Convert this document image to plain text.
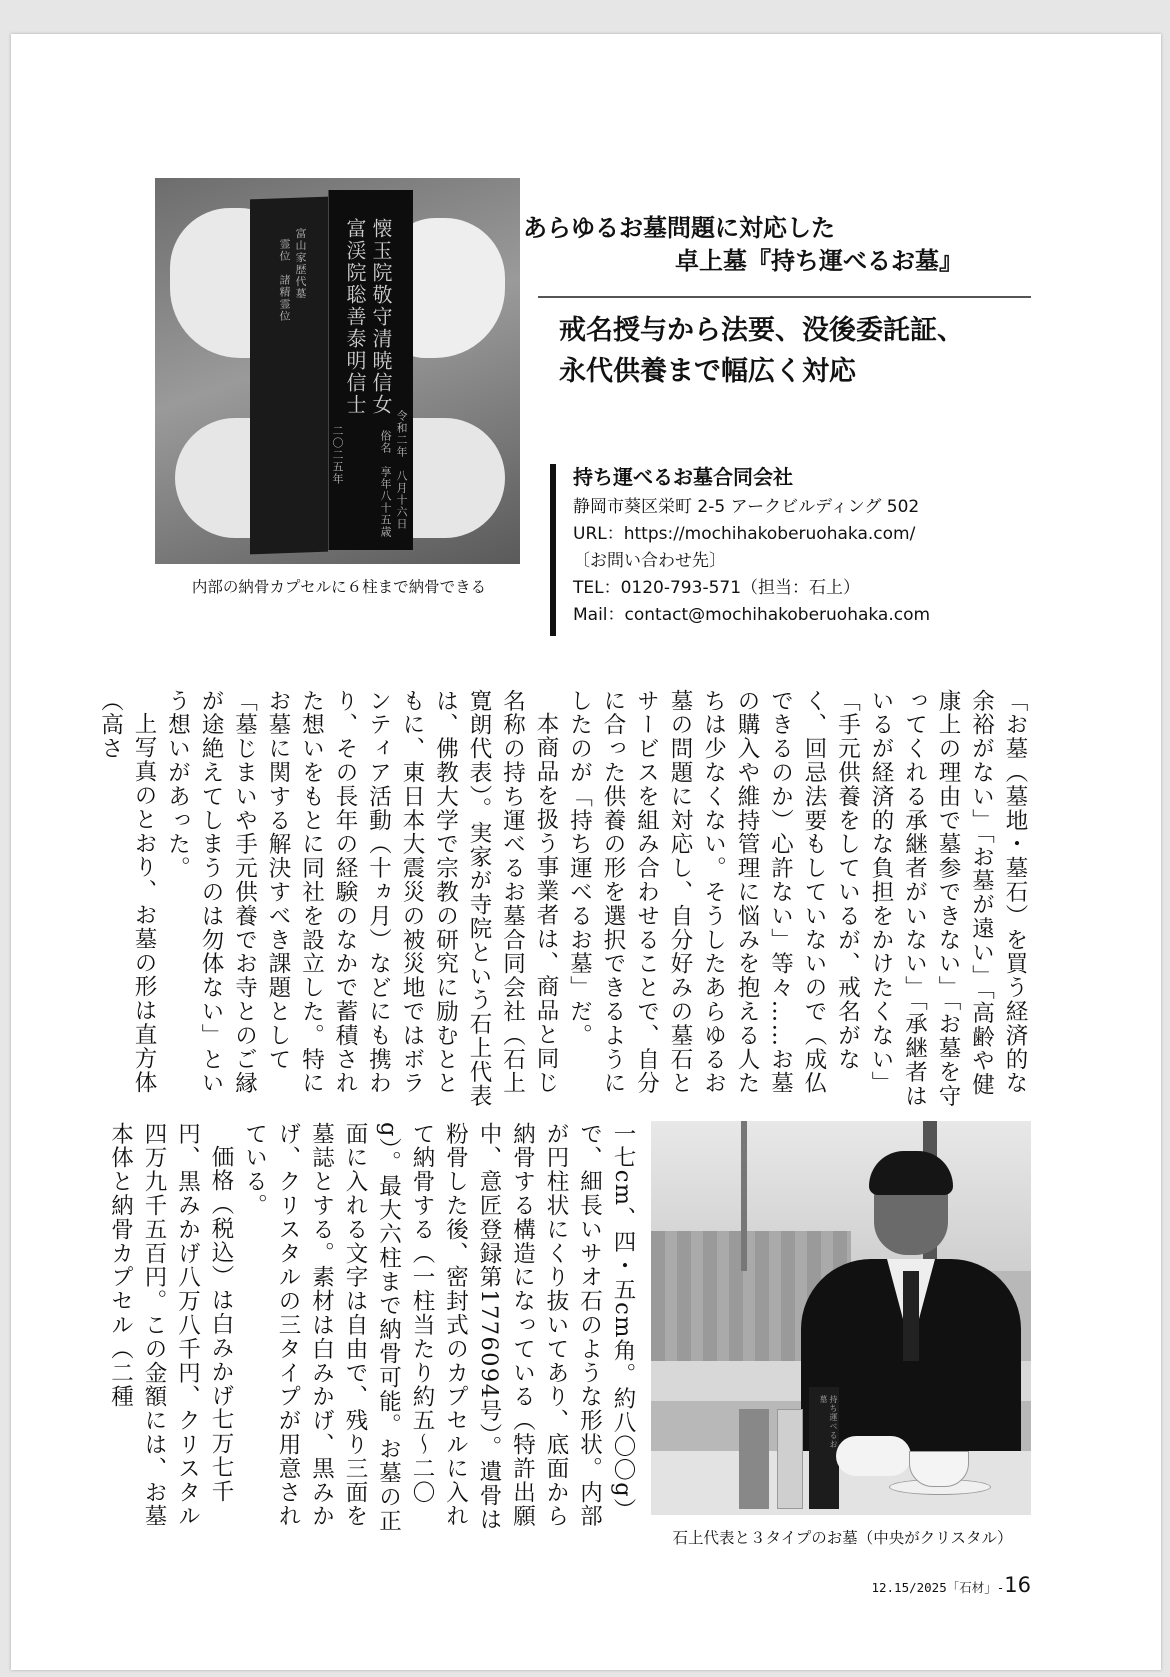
富山家歴代墓
霊位　諸精霊位	懐玉院敬守清暁信女
富渓院聡善泰明信士
令和二年　八月十六日
二〇二五年	俗名　享年八十五歳
内部の納骨カプセルに６柱まで納骨できる
あらゆるお墓問題に対応した
卓上墓『持ち運べるお墓』
戒名授与から法要、没後委託証、
永代供養まで幅広く対応
持ち運べるお墓合同会社
静岡市葵区栄町 2-5 アークビルディング 502
URL：https://mochihakoberuohaka.com/
〔お問い合わせ先〕
TEL：0120-793-571（担当：石上）
Mail：contact@mochihakoberuohaka.com
「お墓（墓地・墓石）を買う経済的な余裕がない」「お墓が遠い」「高齢や健康上の理由で墓参できない」「お墓を守ってくれる承継者がいない」「承継者はいるが経済的な負担をかけたくない」「手元供養をしているが、戒名がなく、回忌法要もしていないので（成仏できるのか）心許ない」等々……お墓の購入や維持管理に悩みを抱える人たちは少なくない。そうしたあらゆるお墓の問題に対応し、自分好みの墓石とサービスを組み合わせることで、自分に合った供養の形を選択できるようにしたのが「持ち運べるお墓」だ。
本商品を扱う事業者は、商品と同じ名称の持ち運べるお墓合同会社（石上寛朗代表）。実家が寺院という石上代表は、佛教大学で宗教の研究に励むとともに、東日本大震災の被災地ではボランティア活動（十ヵ月）などにも携わり、その長年の経験のなかで蓄積された想いをもとに同社を設立した。特にお墓に関する解決すべき課題として「墓じまいや手元供養でお寺とのご縁が途絶えてしまうのは勿体ない」という想いがあった。
上写真のとおり、お墓の形は直方体（高さ
一七cm、四・五cm角。約八〇〇g）で、細長いサオ石のような形状。内部が円柱状にくり抜いてあり、底面から納骨する構造になっている（特許出願中、意匠登録第1776094号）。遺骨は粉骨した後、密封式のカプセルに入れて納骨する（一柱当たり約五〜二〇g）。最大六柱まで納骨可能。お墓の正面に入れる文字は自由で、残り三面を墓誌とする。素材は白みかげ、黒みかげ、クリスタルの三タイプが用意されている。
価格（税込）は白みかげ七万七千円、黒みかげ八万八千円、クリスタル四万九千五百円。この金額には、お墓本体と納骨カプセル（二種
持ち運べるお墓
石上代表と３タイプのお墓（中央がクリスタル）
12.15/2025「石材」-16
